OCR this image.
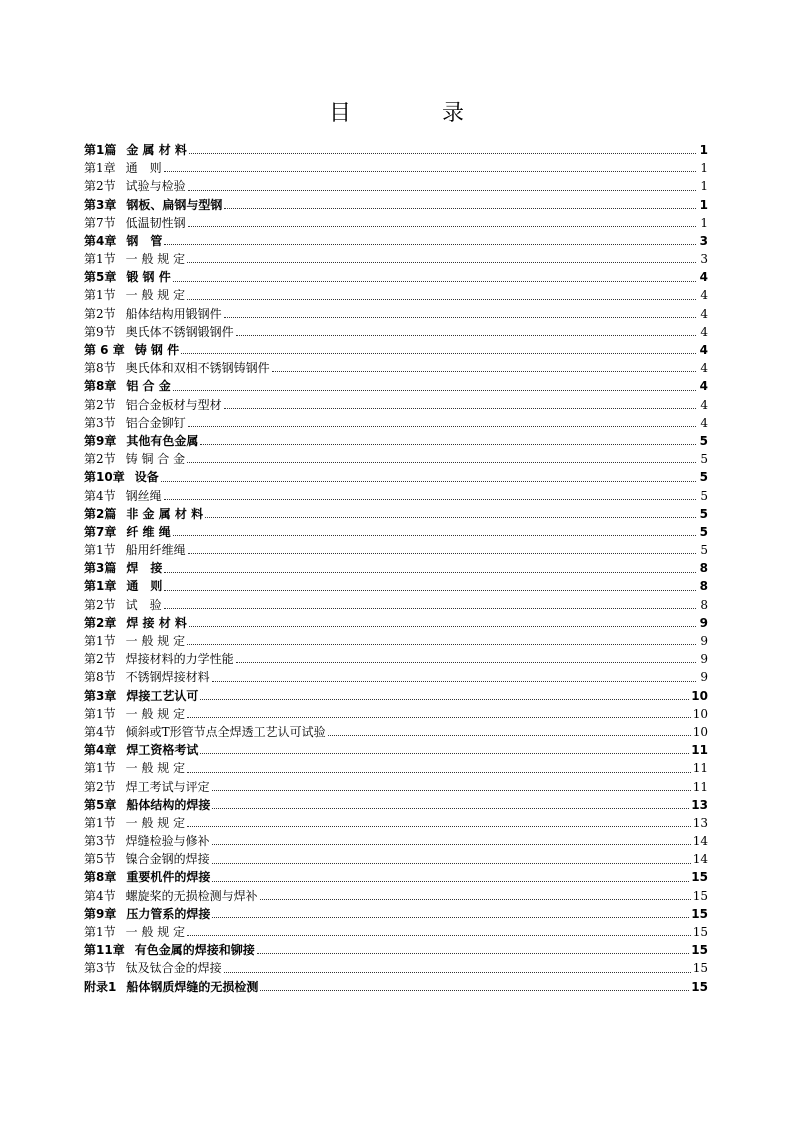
目 录
第1篇 金 属 材 料	1
第1章 通　则	1
第2节 试验与检验	1
第3章 钢板、扁钢与型钢	1
第7节 低温韧性钢	1
第4章 钢　管	3
第1节 一 般 规 定	3
第5章 锻 钢 件	4
第1节 一 般 规 定	4
第2节 船体结构用锻钢件	4
第9节 奥氏体不锈钢锻钢件	4
第 6 章 铸 钢 件	4
第8节 奥氏体和双相不锈钢铸钢件	4
第8章 铝 合 金	4
第2节 铝合金板材与型材	4
第3节 铝合金铆钉	4
第9章 其他有色金属	5
第2节 铸 铜 合 金	5
第10章 设备	5
第4节 钢丝绳	5
第2篇 非 金 属 材 料	5
第7章 纤 维 绳	5
第1节 船用纤维绳	5
第3篇 焊　接	8
第1章 通　则	8
第2节 试　验	8
第2章 焊 接 材 料	9
第1节 一 般 规 定	9
第2节 焊接材料的力学性能	9
第8节 不锈钢焊接材料	9
第3章 焊接工艺认可	10
第1节 一 般 规 定	10
第4节 倾斜或T形管节点全焊透工艺认可试验	10
第4章 焊工资格考试	11
第1节 一 般 规 定	11
第2节 焊工考试与评定	11
第5章 船体结构的焊接	13
第1节 一 般 规 定	13
第3节 焊缝检验与修补	14
第5节 镍合金钢的焊接	14
第8章 重要机件的焊接	15
第4节 螺旋桨的无损检测与焊补	15
第9章 压力管系的焊接	15
第1节 一 般 规 定	15
第11章 有色金属的焊接和铆接	15
第3节 钛及钛合金的焊接	15
附录1 船体钢质焊缝的无损检测	15
